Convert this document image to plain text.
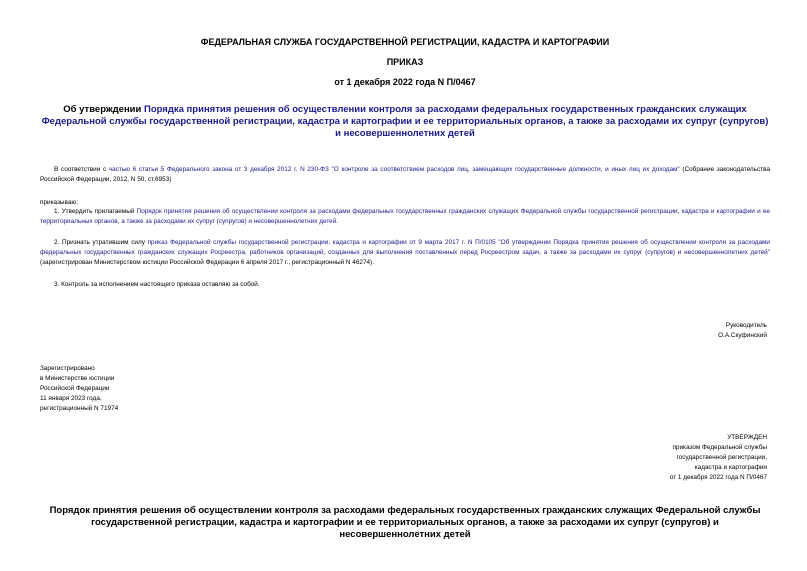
ФЕДЕРАЛЬНАЯ СЛУЖБА ГОСУДАРСТВЕННОЙ РЕГИСТРАЦИИ, КАДАСТРА И КАРТОГРАФИИ
ПРИКАЗ
от 1 декабря 2022 года N П/0467
Об утверждении Порядка принятия решения об осуществлении контроля за расходами федеральных государственных гражданских служащих Федеральной службы государственной регистрации, кадастра и картографии и ее территориальных органов, а также за расходами их супруг (супругов) и несовершеннолетних детей
В соответствии с частью 6 статьи 5 Федерального закона от 3 декабря 2012 г. N 230-ФЗ "О контроле за соответствием расходов лиц, замещающих государственные должности, и иных лиц их доходам" (Собрание законодательства Российской Федерации, 2012, N 50, ст.6953)
приказываю:
1. Утвердить прилагаемый Порядок принятия решения об осуществлении контроля за расходами федеральных государственных гражданских служащих Федеральной службы государственной регистрации, кадастра и картографии и ее территориальных органов, а также за расходами их супруг (супругов) и несовершеннолетних детей.
2. Признать утратившим силу приказ Федеральной службы государственной регистрации, кадастра и картографии от 9 марта 2017 г. N П/0105 "Об утверждении Порядка принятия решения об осуществлении контроля за расходами федеральных государственных гражданских служащих Росреестра, работников организаций, созданных для выполнения поставленных перед Росреестром задач, а также за расходами их супруг (супругов) и несовершеннолетних детей" (зарегистрирован Министерством юстиции Российской Федерации 6 апреля 2017 г., регистрационный N 46274).
3. Контроль за исполнением настоящего приказа оставляю за собой.
Руководитель
О.А.Скуфинский
Зарегистрировано
в Министерстве юстиции
Российской Федерации
11 января 2023 года,
регистрационный N 71974
УТВЕРЖДЕН
приказом Федеральной службы
государственной регистрации,
кадастра и картографии
от 1 декабря 2022 года N П/0467
Порядок принятия решения об осуществлении контроля за расходами федеральных государственных гражданских служащих Федеральной службы государственной регистрации, кадастра и картографии и ее территориальных органов, а также за расходами их супруг (супругов) и несовершеннолетних детей
